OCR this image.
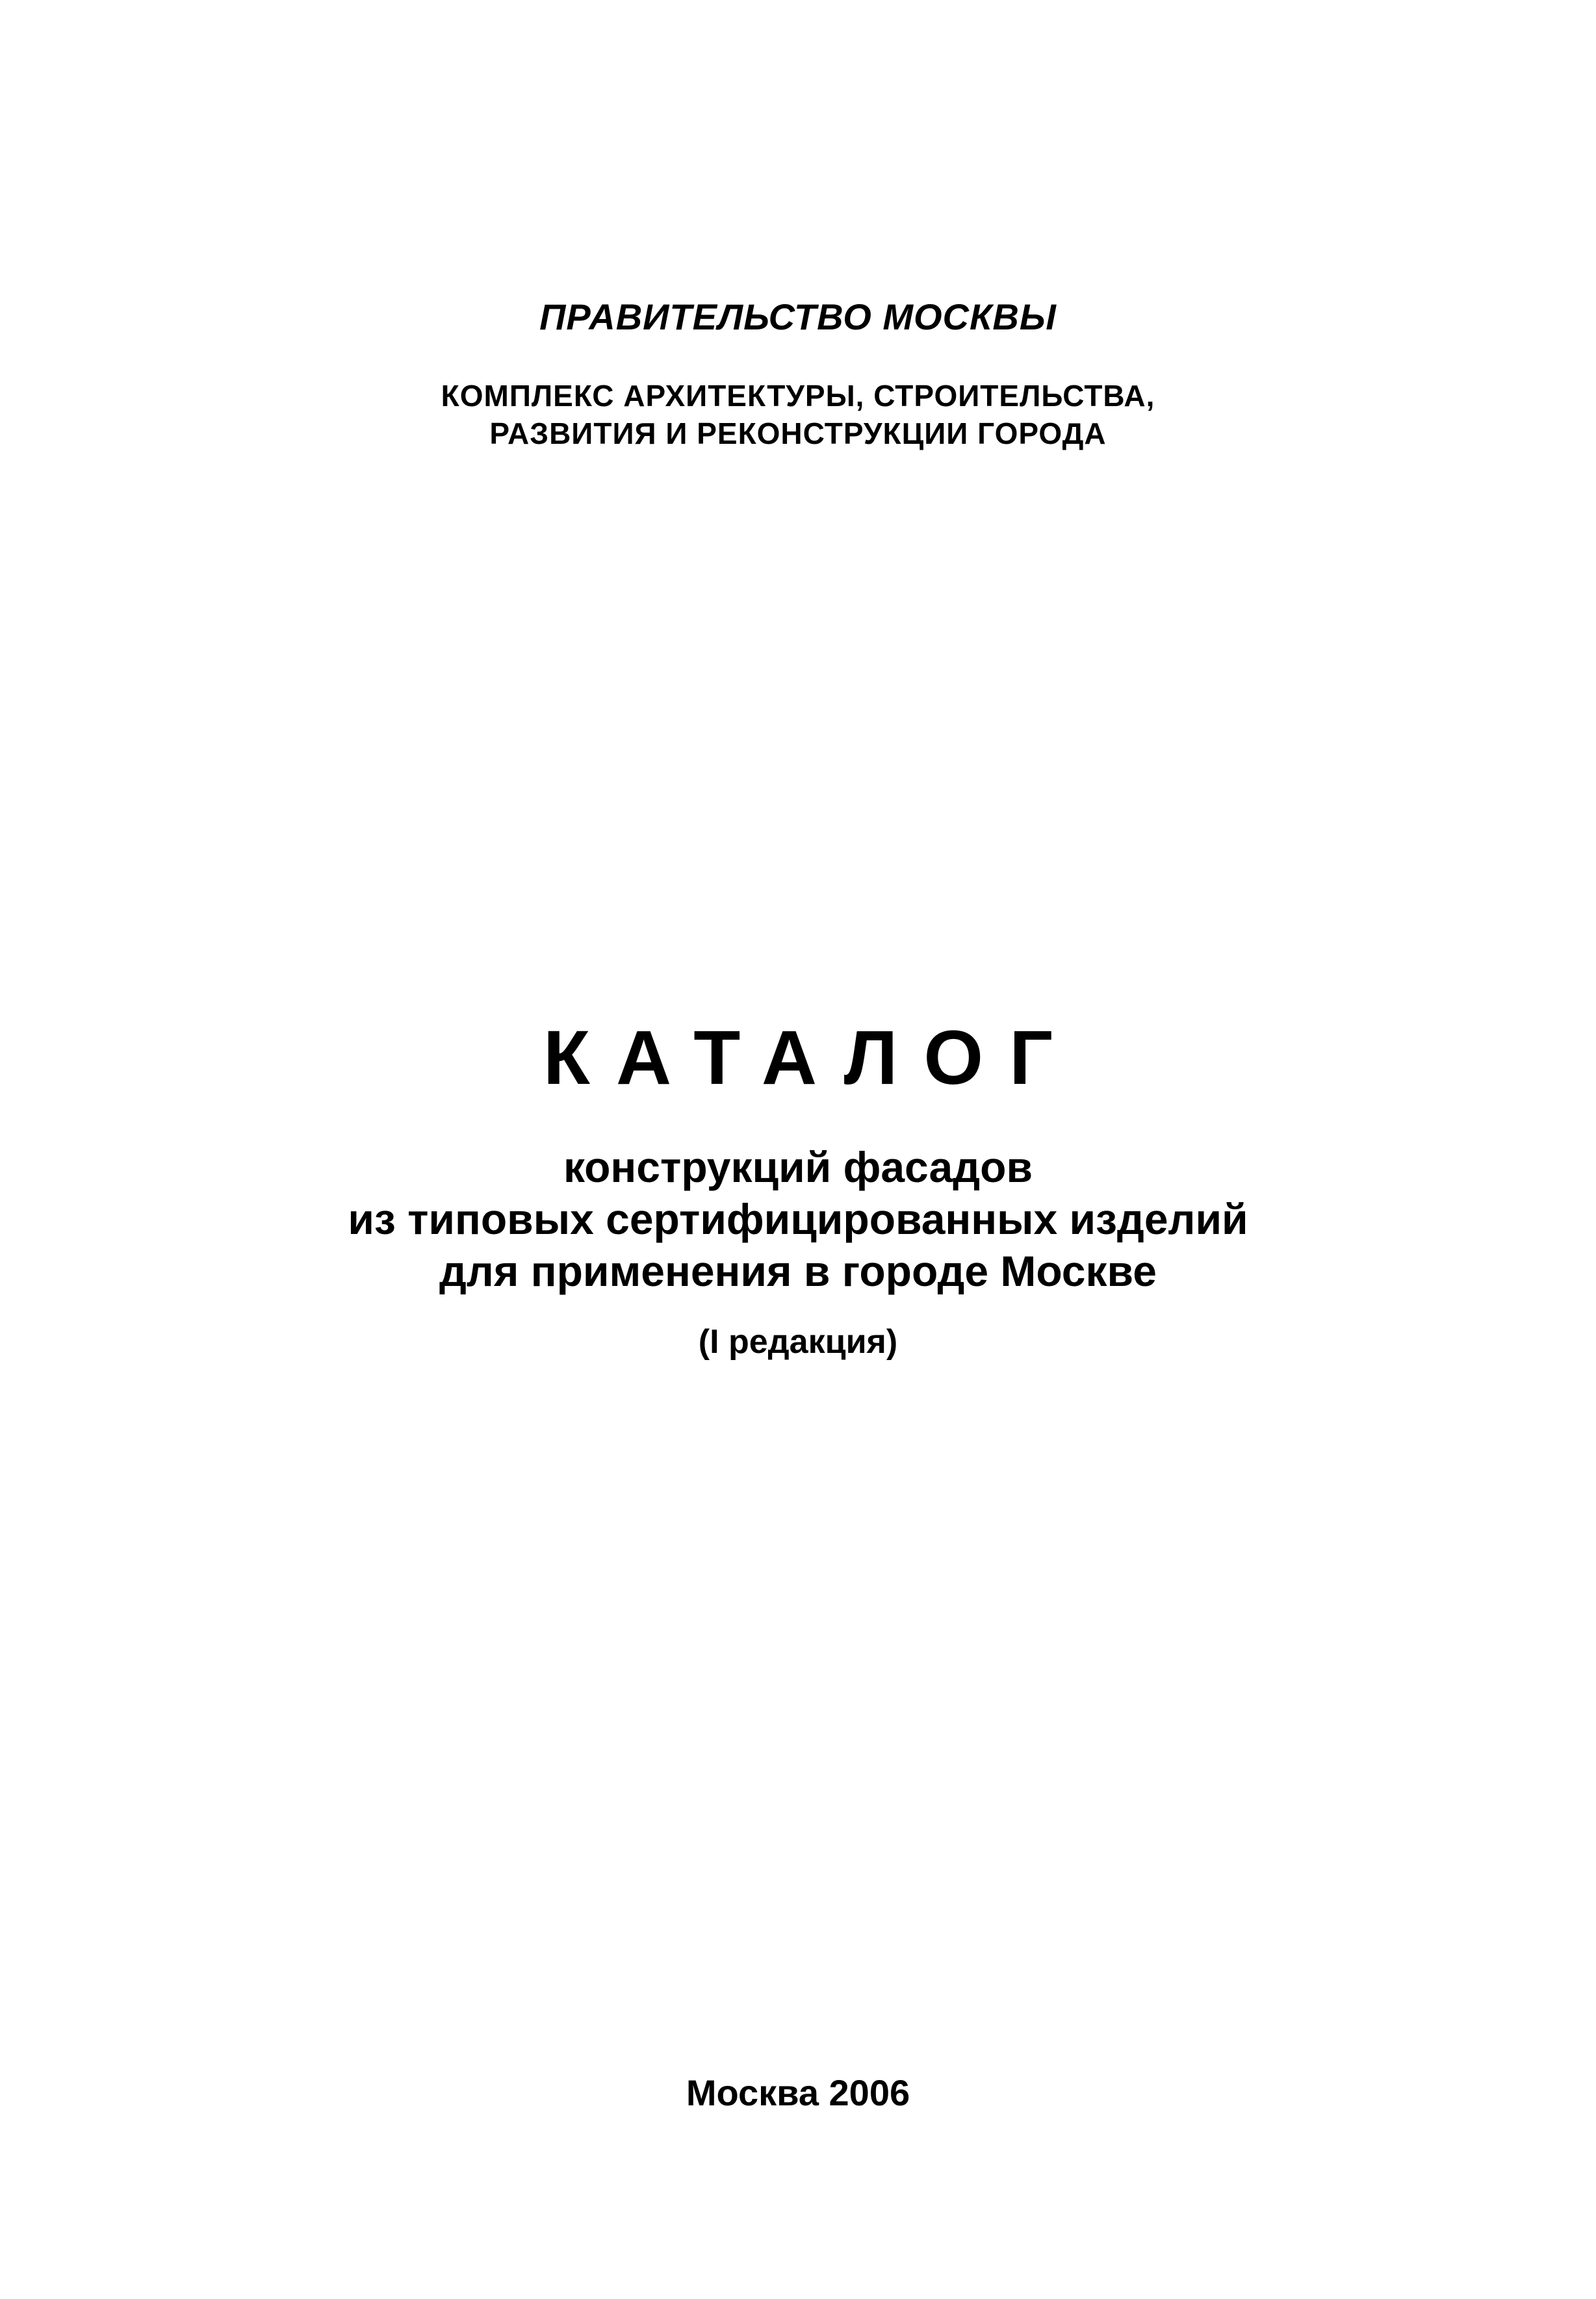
ПРАВИТЕЛЬСТВО МОСКВЫ
КОМПЛЕКС АРХИТЕКТУРЫ, СТРОИТЕЛЬСТВА,
РАЗВИТИЯ И РЕКОНСТРУКЦИИ ГОРОДА
КАТАЛОГ
конструкций фасадов
из типовых сертифицированных изделий
для применения в городе Москве
(I редакция)
Москва 2006
